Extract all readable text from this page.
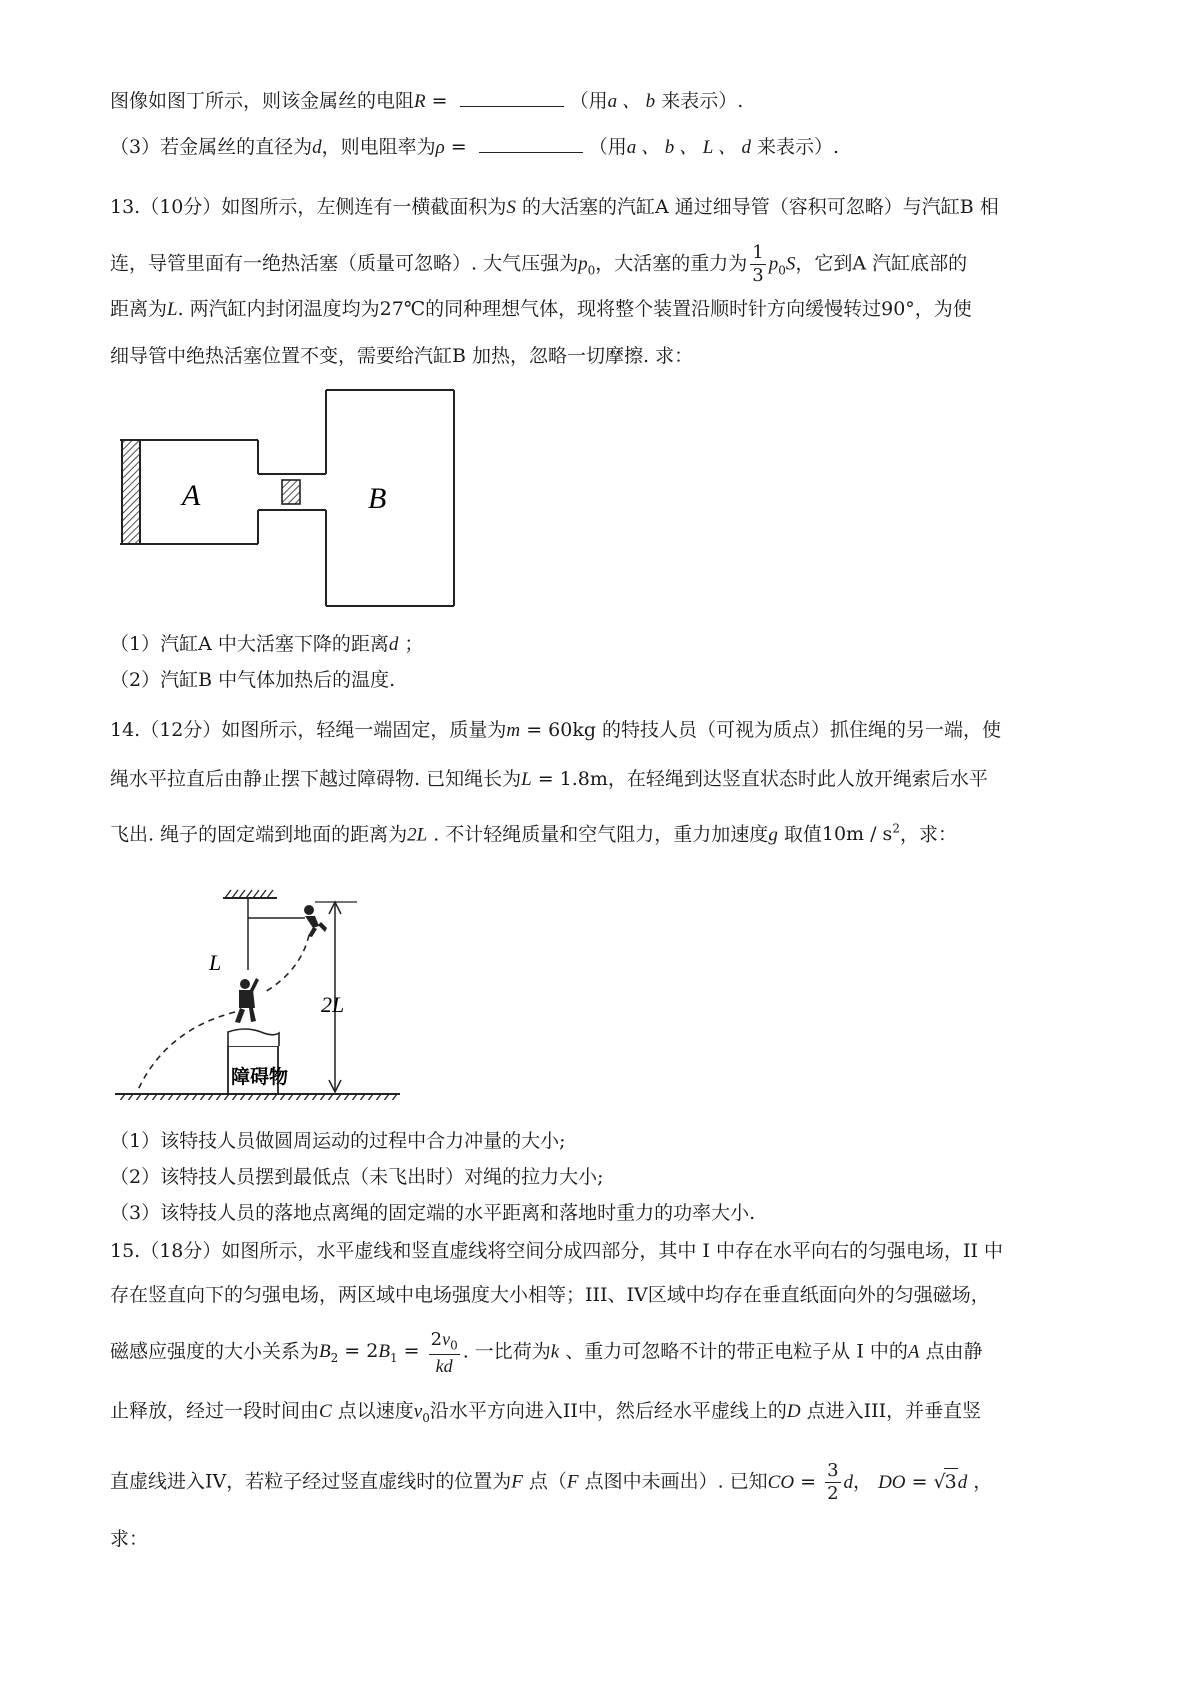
图像如图丁所示，则该金属丝的电阻R =	（用a 、 b 来表示）.
（3）若金属丝的直径为d，则电阻率为ρ =	（用a 、 b 、 L 、 d 来表示）.
13.（10分）如图所示，左侧连有一横截面积为S 的大活塞的汽缸A 通过细导管（容积可忽略）与汽缸B 相
连，导管里面有一绝热活塞（质量可忽略）. 大气压强为$p_0$，大活塞的重力为 $\frac{1}{3} p_0S$，它到A 汽缸底部的
距离为L. 两汽缸内封闭温度均为27℃的同种理想气体，现将整个装置沿顺时针方向缓慢转过90°，为使
细导管中绝热活塞位置不变，需要给汽缸B 加热，忽略一切摩擦. 求：
A	B
（1）汽缸A 中大活塞下降的距离d ；
（2）汽缸B 中气体加热后的温度.
14.（12分）如图所示，轻绳一端固定，质量为m = 60kg 的特技人员（可视为质点）抓住绳的另一端，使
绳水平拉直后由静止摆下越过障碍物. 已知绳长为L = 1.8m，在轻绳到达竖直状态时此人放开绳索后水平
飞出. 绳子的固定端到地面的距离为2L . 不计轻绳质量和空气阻力，重力加速度g 取值$10m / s^2$，求：
L
障碍物
2L
（1）该特技人员做圆周运动的过程中合力冲量的大小;
（2）该特技人员摆到最低点（未飞出时）对绳的拉力大小;
（3）该特技人员的落地点离绳的固定端的水平距离和落地时重力的功率大小.
15.（18分）如图所示，水平虚线和竖直虚线将空间分成四部分，其中 I 中存在水平向右的匀强电场，II 中
存在竖直向下的匀强电场，两区域中电场强度大小相等；III、IV区域中均存在垂直纸面向外的匀强磁场，
磁感应强度的大小关系为$B_2 = 2B_1 = \frac{2v_0}{kd}$ . 一比荷为k 、重力可忽略不计的带正电粒子从 I 中的A 点由静
止释放，经过一段时间由C 点以速度$v_0$沿水平方向进入II中，然后经水平虚线上的D 点进入III，并垂直竖
直虚线进入IV，若粒子经过竖直虚线时的位置为F 点（F 点图中未画出）. 已知CO = $\frac{3}{2}$ d， DO = √3d ，
求：
